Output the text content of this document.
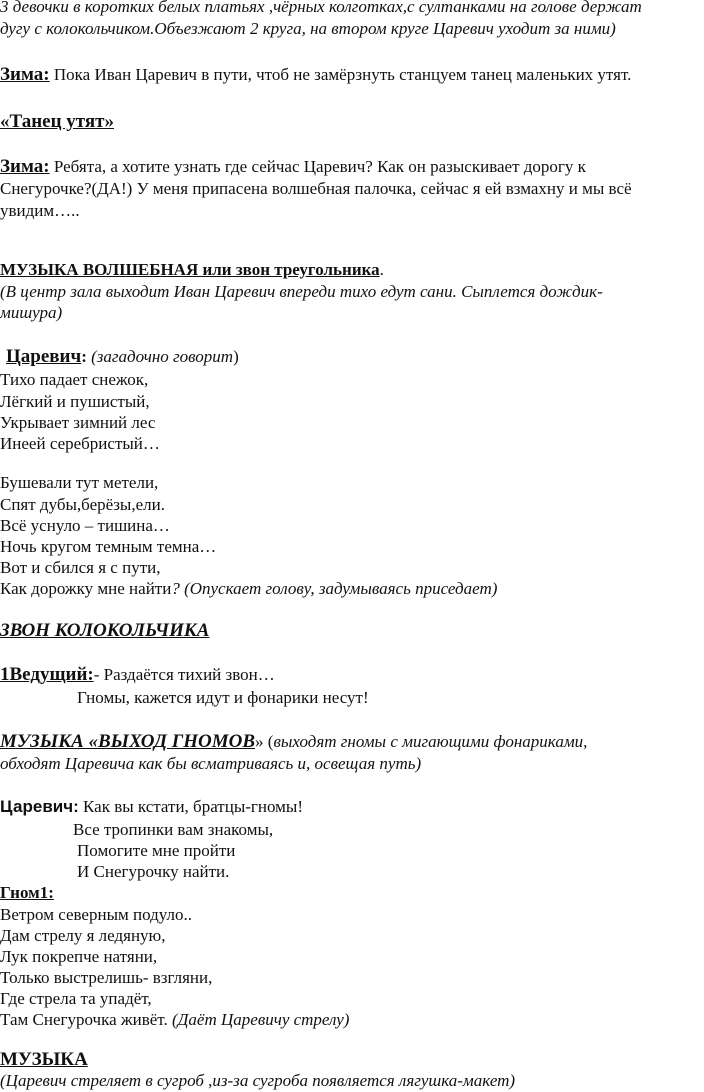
3 девочки в коротких белых платьях ,чёрных колготках,с султанками на голове держат
дугу с колокольчиком.Объезжают 2 круга, на втором круге Царевич уходит за ними)
Зима: Пока Иван Царевич в пути, чтоб не замёрзнуть станцуем танец маленьких утят.
«Танец утят»
Зима: Ребята, а хотите узнать где сейчас Царевич? Как он разыскивает дорогу к
Снегурочке?(ДА!) У меня припасена волшебная палочка, сейчас я ей взмахну и мы всё
увидим…..
МУЗЫКА ВОЛШЕБНАЯ или звон треугольника.
(В центр зала выходит Иван Царевич впереди тихо едут сани. Сыплется дождик-
мишура)
Царевич: (загадочно говорит)
Тихо падает снежок,
Лёгкий и пушистый,
Укрывает зимний лес
Инеей серебристый…
Бушевали тут метели,
Спят дубы,берёзы,ели.
Всё уснуло – тишина…
Ночь кругом темным темна…
Вот и сбился я с пути,
Как дорожку мне найти? (Опускает голову, задумываясь приседает)
ЗВОН КОЛОКОЛЬЧИКА
1Ведущий:- Раздаётся тихий звон…
Гномы, кажется идут и фонарики несут!
МУЗЫКА «ВЫХОД ГНОМОВ» (выходят гномы с мигающими фонариками,
обходят Царевича как бы всматриваясь и, освещая путь)
Царевич: Как вы кстати, братцы-гномы!
Все тропинки вам знакомы,
Помогите мне пройти
И Снегурочку найти.
Гном1:
Ветром северным подуло..
Дам стрелу я ледяную,
Лук покрепче натяни,
Только выстрелишь- взгляни,
Где стрела та упадёт,
Там Снегурочка живёт. (Даёт Царевичу стрелу)
МУЗЫКА
(Царевич стреляет в сугроб ,из-за сугроба появляется лягушка-макет)
